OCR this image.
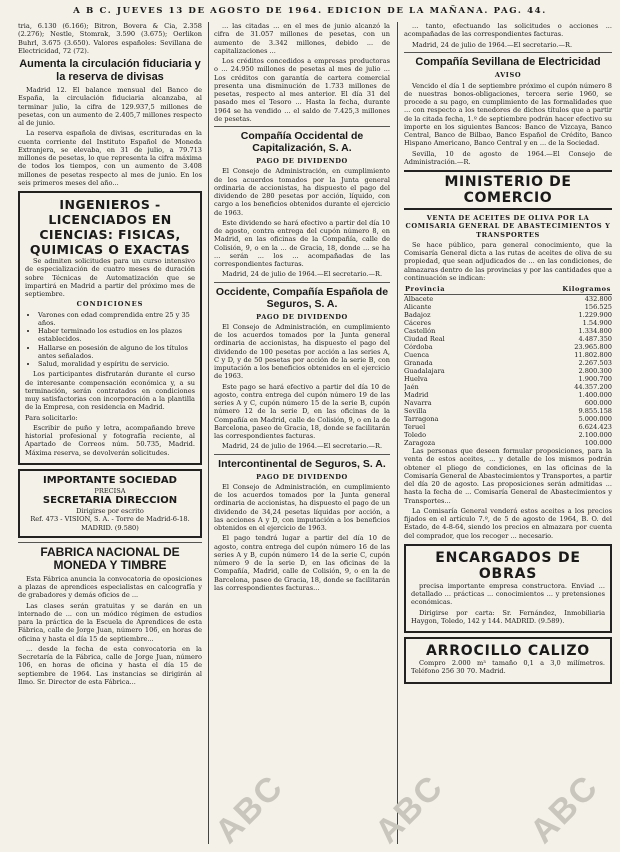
A B C. JUEVES 13 DE AGOSTO DE 1964. EDICION DE LA MAÑANA. PAG. 44.

tria, 6.130 (6.166); Bitron, Bovera & Cia, 2.358 (2.276); Nestle, Stomrak, 3.590 (3.675); Oerlikon Buhrl, 3.675 (3.650). Valores españoles: Sevillana de Electricidad, 72 (72).

Aumenta la circulación fiduciaria y la reserva de divisas

Madrid 12. El balance mensual del Banco de España, la circulación fiduciaria alcanzaba, al terminar julio, la cifra de 129.937,5 millones de pesetas, con un aumento de 2.405,7 millones respecto al de junio.

La reserva española de divisas, escrituradas en la cuenta corriente del Instituto Español de Moneda Extranjera, se elevaba, en 31 de julio, a 79.713 millones de pesetas, lo que representa la cifra máxima de todos los tiempos, con un aumento de 3.408 millones de pesetas respecto al mes de junio. En los seis primeros meses del año...

INGENIEROS - LICENCIADOS EN CIENCIAS: FISICAS, QUIMICAS O EXACTAS

Se admiten solicitudes para un curso intensivo de especialización de cuatro meses de duración sobre Técnicas de Automatización que se impartirá en Madrid a partir del próximo mes de septiembre.

CONDICIONES
• Varones con edad comprendida entre 25 y 35 años.
• Haber terminado los estudios en los plazos establecidos.
• Hallarse en posesión de alguno de los títulos antes señalados.
• Salud, moralidad y espíritu de servicio.

Los participantes disfrutarán durante el curso de interesante compensación económica y, a su terminación, serán contratados en condiciones muy satisfactorias con incorporación a la plantilla de la Empresa, con residencia en Madrid.

Para solicitarlo:

Escribir de puño y letra, acompañando breve historial profesional y fotografía reciente, al Apartado de Correos núm. 50.735, Madrid. Máxima reserva, se devolverán solicitudes.

IMPORTANTE SOCIEDAD
PRECISA
SECRETARIA DIRECCION
Dirigirse por escrito
Ref. 473 - VISION, S. A. - Torre de Madrid-6-18. MADRID. (9.580)
FABRICA NACIONAL DE MONEDA Y TIMBRE

Esta Fábrica anuncia la convocatoria de oposiciones a plazas de aprendices especialistas en calcografía y de grabadores y demás oficios de ...

Las clases serán gratuitas y se darán en un internado de ... con un módico régimen de estudios para la práctica de la Escuela de Aprendices de esta Fábrica, calle de Jorge Juan, número 106, en horas de oficina y hasta el día 15 de septiembre...

... desde la fecha de esta convocatoria en la Secretaría de la Fábrica, calle de Jorge Juan, número 106, en horas de oficina y hasta el día 15 de septiembre de 1964. Las instancias se dirigirán al Ilmo. Sr. Director de esta Fábrica...

... las citadas ... en el mes de junio alcanzó la cifra de 31.057 millones de pesetas, con un aumento de 3.342 millones, debido ... de capitalizaciones ...

Los créditos concedidos a empresas productoras o ... 24.950 millones de pesetas al mes de julio ... Los créditos con garantía de cartera comercial presenta una disminución de 1.733 millones de pesetas, respecto al mes anterior. El día 31 del pasado mes el Tesoro ... Hasta la fecha, durante 1964 se ha vendido ... el saldo de 7.425,3 millones de pesetas.

Compañía Occidental de Capitalización, S. A.
PAGO DE DIVIDENDO

El Consejo de Administración, en cumplimiento de los acuerdos tomados por la Junta general ordinaria de accionistas, ha dispuesto el pago del dividendo de 280 pesetas por acción, líquido, con cargo a los beneficios obtenidos durante el ejercicio de 1963.

Este dividendo se hará efectivo a partir del día 10 de agosto, contra entrega del cupón número 8, en Madrid, en las oficinas de la Compañía, calle de Colisión, 9, o en la ... de Gracia, 18, donde ... se ha ... serán ... los ... acompañadas de las correspondientes facturas.

Madrid, 24 de julio de 1964.—El secretario.—R.

Occidente, Compañía Española de Seguros, S. A.
PAGO DE DIVIDENDO

El Consejo de Administración, en cumplimiento de los acuerdos tomados por la Junta general ordinaria de accionistas, ha dispuesto el pago del dividendo de 100 pesetas por acción a las series A, C y D, y de 50 pesetas por acción de la serie B, con imputación a los beneficios obtenidos en el ejercicio de 1963.

Este pago se hará efectivo a partir del día 10 de agosto, contra entrega del cupón número 19 de las series A y C, cupón número 15 de la serie B, cupón número 12 de la serie D, en las oficinas de la Compañía en Madrid, calle de Colisión, 9, o en la de Barcelona, paseo de Gracia, 18, donde se facilitarán las correspondientes facturas.

Madrid, 24 de julio de 1964.—El secretario.—R.

Intercontinental de Seguros, S. A.
PAGO DE DIVIDENDO

El Consejo de Administración, en cumplimiento de los acuerdos tomados por la Junta general ordinaria de accionistas, ha dispuesto el pago de un dividendo de 34,24 pesetas líquidas por acción, a las acciones A y D, con imputación a los beneficios obtenidos en el ejercicio de 1963.

El pago tendrá lugar a partir del día 10 de agosto, contra entrega del cupón número 16 de las series A y B, cupón número 14 de la serie C, cupón número 9 de la serie D, en las oficinas de la Compañía, Madrid, calle de Colisión, 9, o en la de Barcelona, paseo de Gracia, 18, donde se facilitarán las correspondientes facturas...

... tanto, efectuando las solicitudes o acciones ... acompañadas de las correspondientes facturas.

Madrid, 24 de julio de 1964.—El secretario.—R.

Compañía Sevillana de Electricidad
AVISO

Vencido el día 1 de septiembre próximo el cupón número 8 de nuestras bonos-obligaciones, tercera serie 1960, se procede a su pago, en cumplimiento de las formalidades que ... con respecto a los tenedores de dichos títulos que a partir de la citada fecha, 1.º de septiembre podrán hacer efectivo su importe en los siguientes Bancos: Banco de Vizcaya, Banco Central, Banco de Bilbao, Banco Español de Crédito, Banco Hispano Americano, Banco Central y en ... de la Sociedad.

Sevilla, 10 de agosto de 1964.—El Consejo de Administración.—R.

MINISTERIO DE COMERCIO
VENTA DE ACEITES DE OLIVA POR LA COMISARIA GENERAL DE ABASTECIMIENTOS Y TRANSPORTES

Se hace público, para general conocimiento, que la Comisaría General dicta a las rutas de aceites de oliva de su propiedad, que sean adjudicados de ... en las condiciones, de almazaras dentro de las provincias y por las cantidades que a continuación se indican:

Provincia	Kilogramos
Albacete	432.800
Alicante	156.525
Badajoz	1.229.900
Cáceres	1.54.900
Castellón	1.334.800
Ciudad Real	4.487.350
Córdoba	23.965.800
Cuenca	11.802.800
Granada	2.267.503
Guadalajara	2.800.300
Huelva	1.900.700
Jaén	44.357.200
Madrid	1.400.000
Navarra	600.000
Sevilla	9.855.158
Tarragona	5.000.000
Teruel	6.624.423
Toledo	2.100.000
Zaragoza	100.000

Las personas que deseen formular proposiciones, para la venta de estos aceites, ... y detalle de los mismos podrán obtener el pliego de condiciones, en las oficinas de la Comisaría General de Abastecimientos y Transportes, a partir del día 20 de agosto. Las proposiciones serán admitidas ... hasta la fecha de ... Comisaría General de Abastecimientos y Transportes...

La Comisaría General venderá estos aceites a los precios fijados en el artículo 7.º, de 5 de agosto de 1964, B. O. del Estado, de 4-8-64, siendo los precios en almazara por cuenta del comprador, que los recoger ... necesario.

ENCARGADOS DE OBRAS

precisa importante empresa constructora. Enviad ... detallado ... prácticas ... conocimientos ... y pretensiones económicas.

Dirigirse por carta: Sr. Fernández, Inmobiliaria Haygon, Toledo, 142 y 144. MADRID. (9.589).

ARROCILLO CALIZO

Compro 2.000 m³ tamaño 0,1 a 3,0 milímetros. Teléfono 256 30 70. Madrid.

ABC ABC ABC
